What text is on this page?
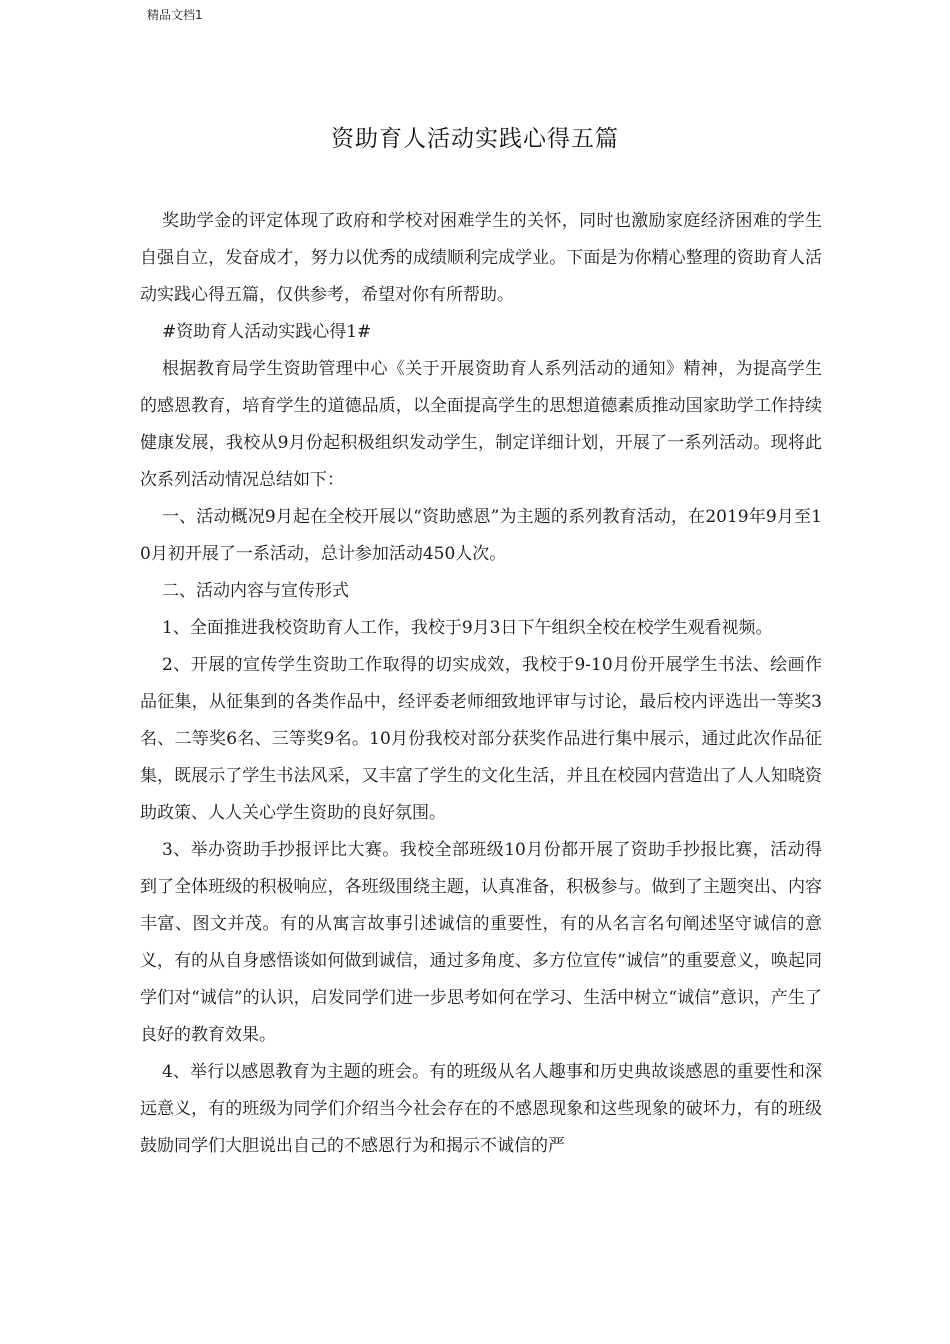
精品文档1
资助育人活动实践心得五篇

奖助学金的评定体现了政府和学校对困难学生的关怀，同时也激励家庭经济困难的学生自强自立，发奋成才，努力以优秀的成绩顺利完成学业。下面是为你精心整理的资助育人活动实践心得五篇，仅供参考，希望对你有所帮助。

#资助育人活动实践心得1#

根据教育局学生资助管理中心《关于开展资助育人系列活动的通知》精神，为提高学生的感恩教育，培育学生的道德品质，以全面提高学生的思想道德素质推动国家助学工作持续健康发展，我校从9月份起积极组织发动学生，制定详细计划，开展了一系列活动。现将此次系列活动情况总结如下：

一、活动概况9月起在全校开展以“资助感恩”为主题的系列教育活动，在2019年9月至10月初开展了一系活动，总计参加活动450人次。

二、活动内容与宣传形式

1、全面推进我校资助育人工作，我校于9月3日下午组织全校在校学生观看视频。

2、开展的宣传学生资助工作取得的切实成效，我校于9-10月份开展学生书法、绘画作品征集，从征集到的各类作品中，经评委老师细致地评审与讨论，最后校内评选出一等奖3名、二等奖6名、三等奖9名。10月份我校对部分获奖作品进行集中展示，通过此次作品征集，既展示了学生书法风采，又丰富了学生的文化生活，并且在校园内营造出了人人知晓资助政策、人人关心学生资助的良好氛围。

3、举办资助手抄报评比大赛。我校全部班级10月份都开展了资助手抄报比赛，活动得到了全体班级的积极响应，各班级围绕主题，认真准备，积极参与。做到了主题突出、内容丰富、图文并茂。有的从寓言故事引述诚信的重要性，有的从名言名句阐述坚守诚信的意义，有的从自身感悟谈如何做到诚信，通过多角度、多方位宣传“诚信”的重要意义，唤起同学们对“诚信”的认识，启发同学们进一步思考如何在学习、生活中树立“诚信”意识，产生了良好的教育效果。

4、举行以感恩教育为主题的班会。有的班级从名人趣事和历史典故谈感恩的重要性和深远意义，有的班级为同学们介绍当今社会存在的不感恩现象和这些现象的破坏力，有的班级鼓励同学们大胆说出自己的不感恩行为和揭示不诚信的严
